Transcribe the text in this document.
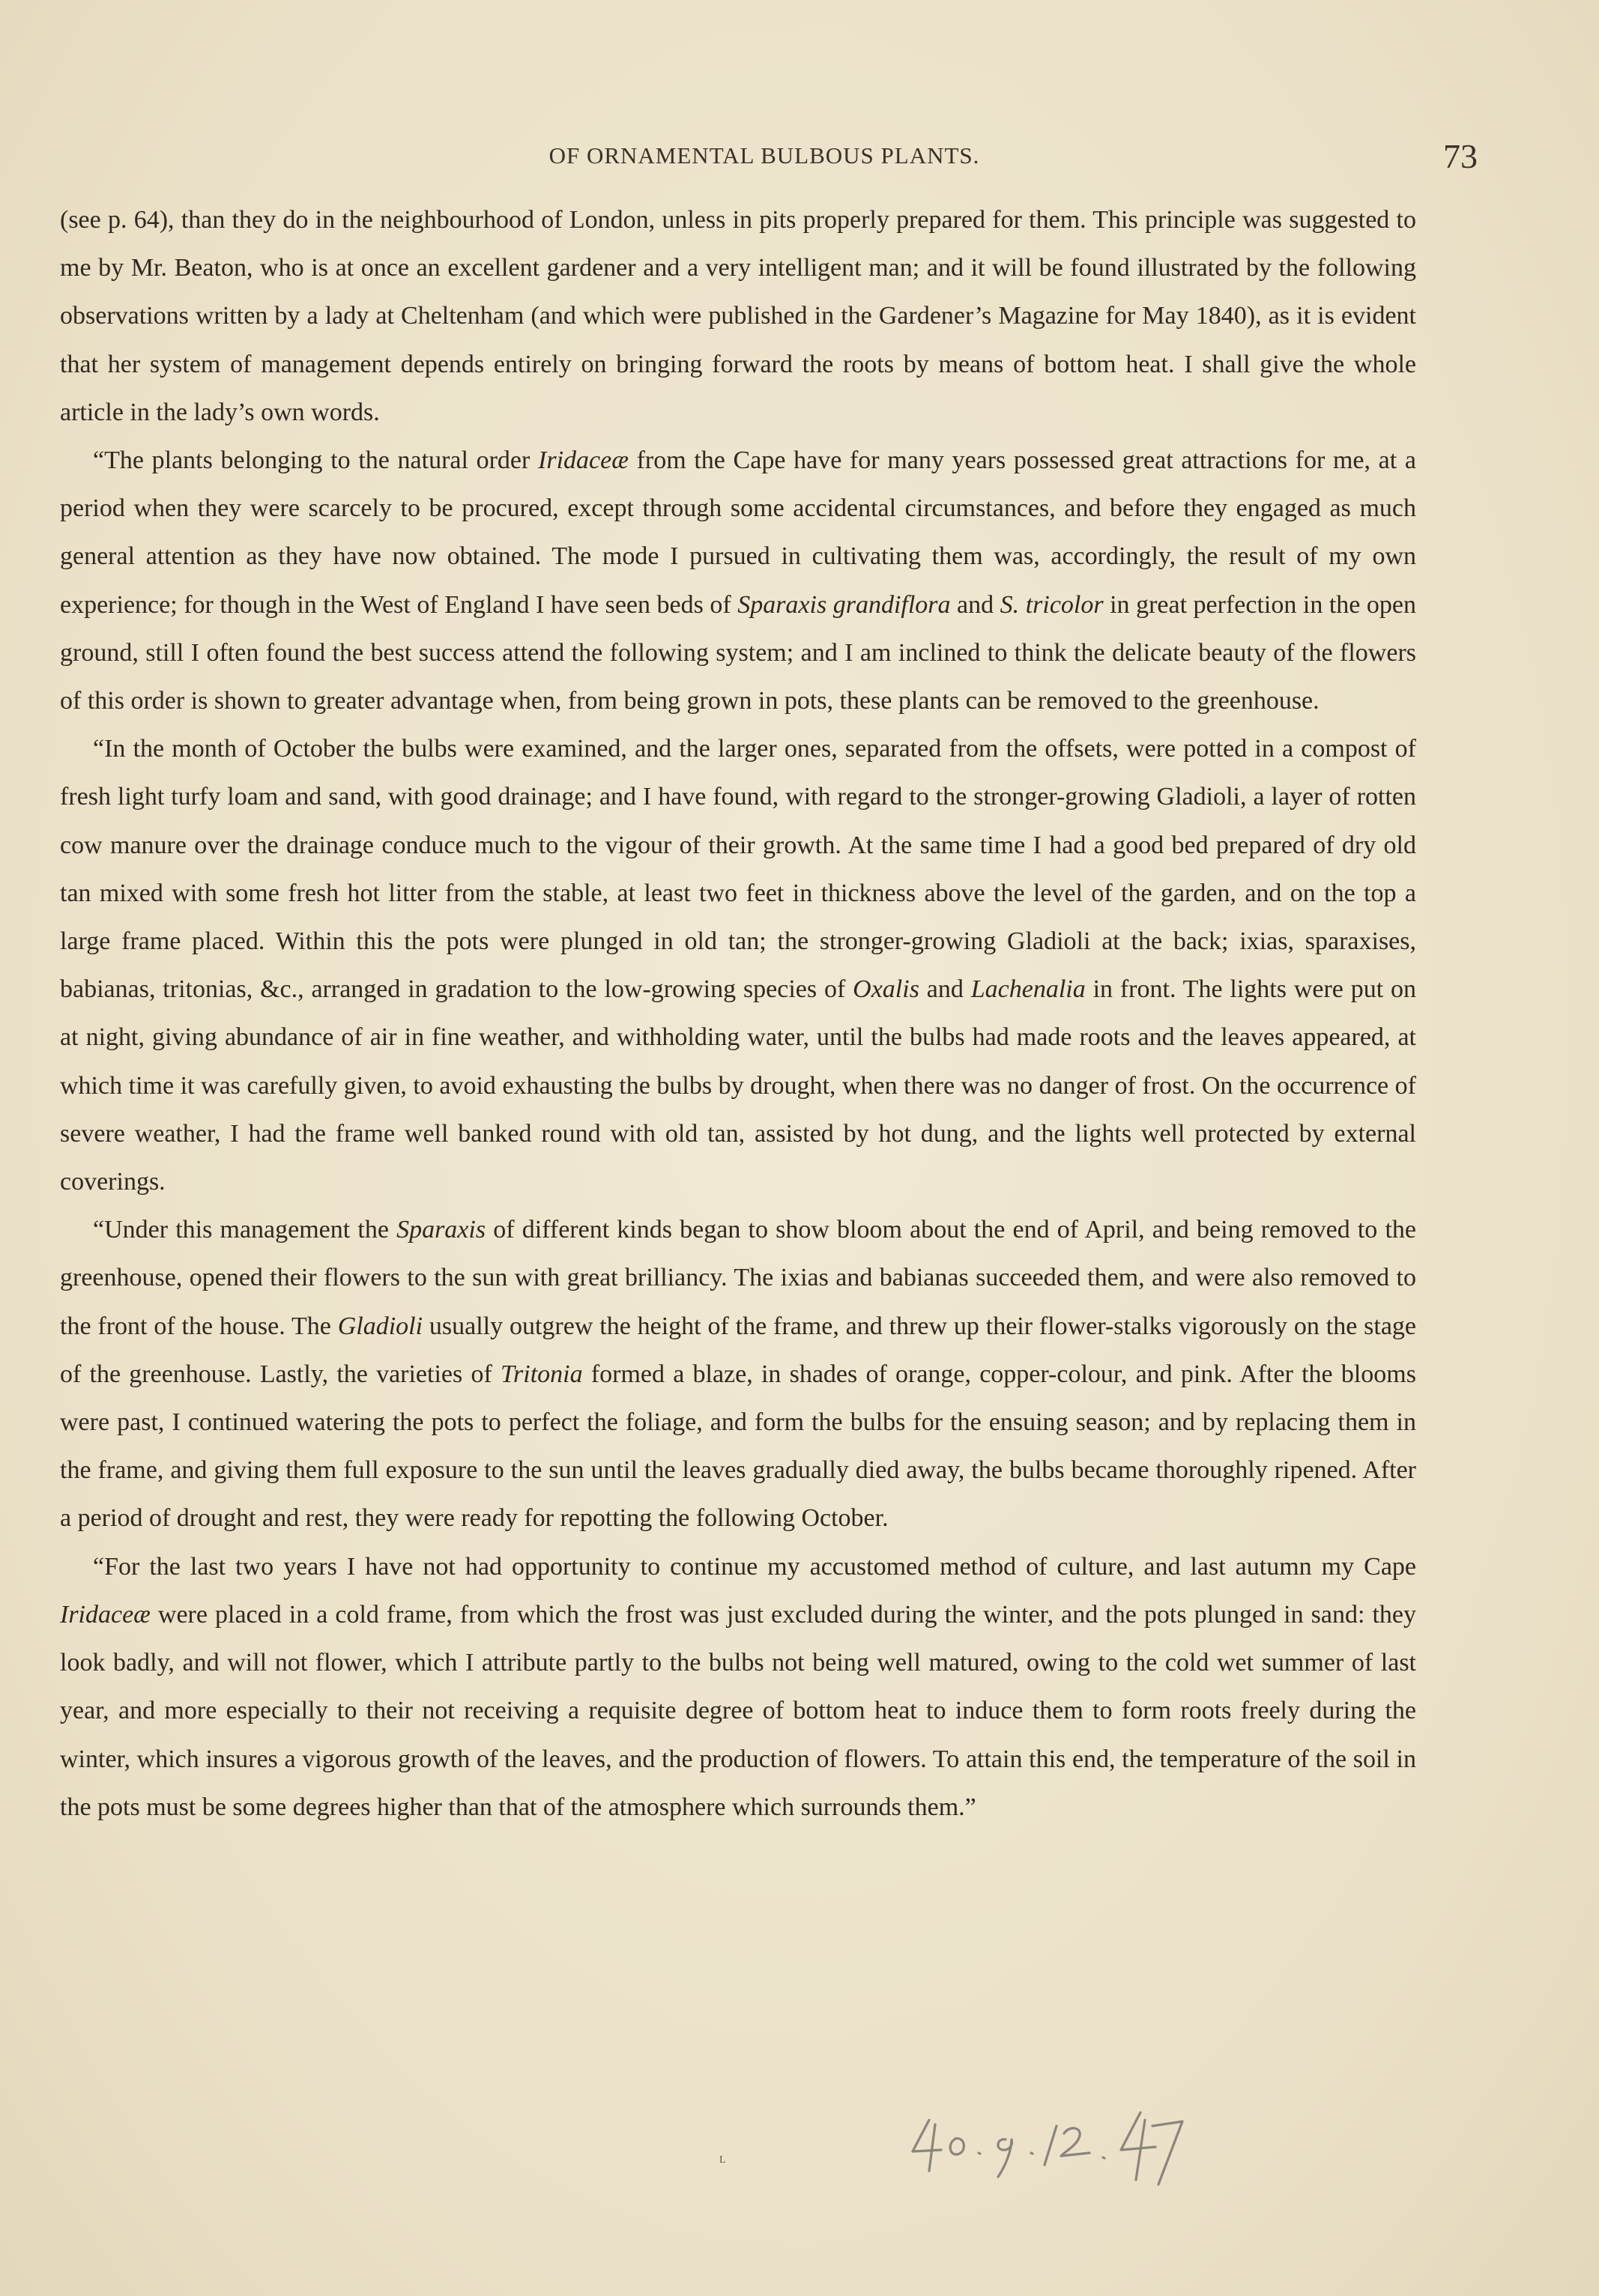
OF ORNAMENTAL BULBOUS PLANTS.	73

(see p. 64), than they do in the neighbourhood of London, unless in pits properly prepared for them. This principle was suggested to me by Mr. Beaton, who is at once an excellent gardener and a very intelligent man; and it will be found illustrated by the following observations written by a lady at Cheltenham (and which were published in the Gardener’s Magazine for May 1840), as it is evident that her system of management depends entirely on bringing forward the roots by means of bottom heat. I shall give the whole article in the lady’s own words.

“The plants belonging to the natural order Iridaceæ from the Cape have for many years possessed great attractions for me, at a period when they were scarcely to be procured, except through some accidental circumstances, and before they engaged as much general attention as they have now obtained. The mode I pursued in cultivating them was, accordingly, the result of my own experience; for though in the West of England I have seen beds of Sparaxis grandiflora and S. tricolor in great perfection in the open ground, still I often found the best success attend the following system; and I am inclined to think the delicate beauty of the flowers of this order is shown to greater advantage when, from being grown in pots, these plants can be removed to the greenhouse.

“In the month of October the bulbs were examined, and the larger ones, separated from the offsets, were potted in a compost of fresh light turfy loam and sand, with good drainage; and I have found, with regard to the stronger-growing Gladioli, a layer of rotten cow manure over the drainage conduce much to the vigour of their growth. At the same time I had a good bed prepared of dry old tan mixed with some fresh hot litter from the stable, at least two feet in thickness above the level of the garden, and on the top a large frame placed. Within this the pots were plunged in old tan; the stronger-growing Gladioli at the back; ixias, sparaxises, babianas, tritonias, &c., arranged in gradation to the low-growing species of Oxalis and Lachenalia in front. The lights were put on at night, giving abundance of air in fine weather, and withholding water, until the bulbs had made roots and the leaves appeared, at which time it was carefully given, to avoid exhausting the bulbs by drought, when there was no danger of frost. On the occurrence of severe weather, I had the frame well banked round with old tan, assisted by hot dung, and the lights well protected by external coverings.

“Under this management the Sparaxis of different kinds began to show bloom about the end of April, and being removed to the greenhouse, opened their flowers to the sun with great brilliancy. The ixias and babianas succeeded them, and were also removed to the front of the house. The Gladioli usually outgrew the height of the frame, and threw up their flower-stalks vigorously on the stage of the greenhouse. Lastly, the varieties of Tritonia formed a blaze, in shades of orange, copper-colour, and pink. After the blooms were past, I continued watering the pots to perfect the foliage, and form the bulbs for the ensuing season; and by replacing them in the frame, and giving them full exposure to the sun until the leaves gradually died away, the bulbs became thoroughly ripened. After a period of drought and rest, they were ready for repotting the following October.

“For the last two years I have not had opportunity to continue my accustomed method of culture, and last autumn my Cape Iridaceæ were placed in a cold frame, from which the frost was just excluded during the winter, and the pots plunged in sand: they look badly, and will not flower, which I attribute partly to the bulbs not being well matured, owing to the cold wet summer of last year, and more especially to their not receiving a requisite degree of bottom heat to induce them to form roots freely during the winter, which insures a vigorous growth of the leaves, and the production of flowers. To attain this end, the temperature of the soil in the pots must be some degrees higher than that of the atmosphere which surrounds them.”

L
